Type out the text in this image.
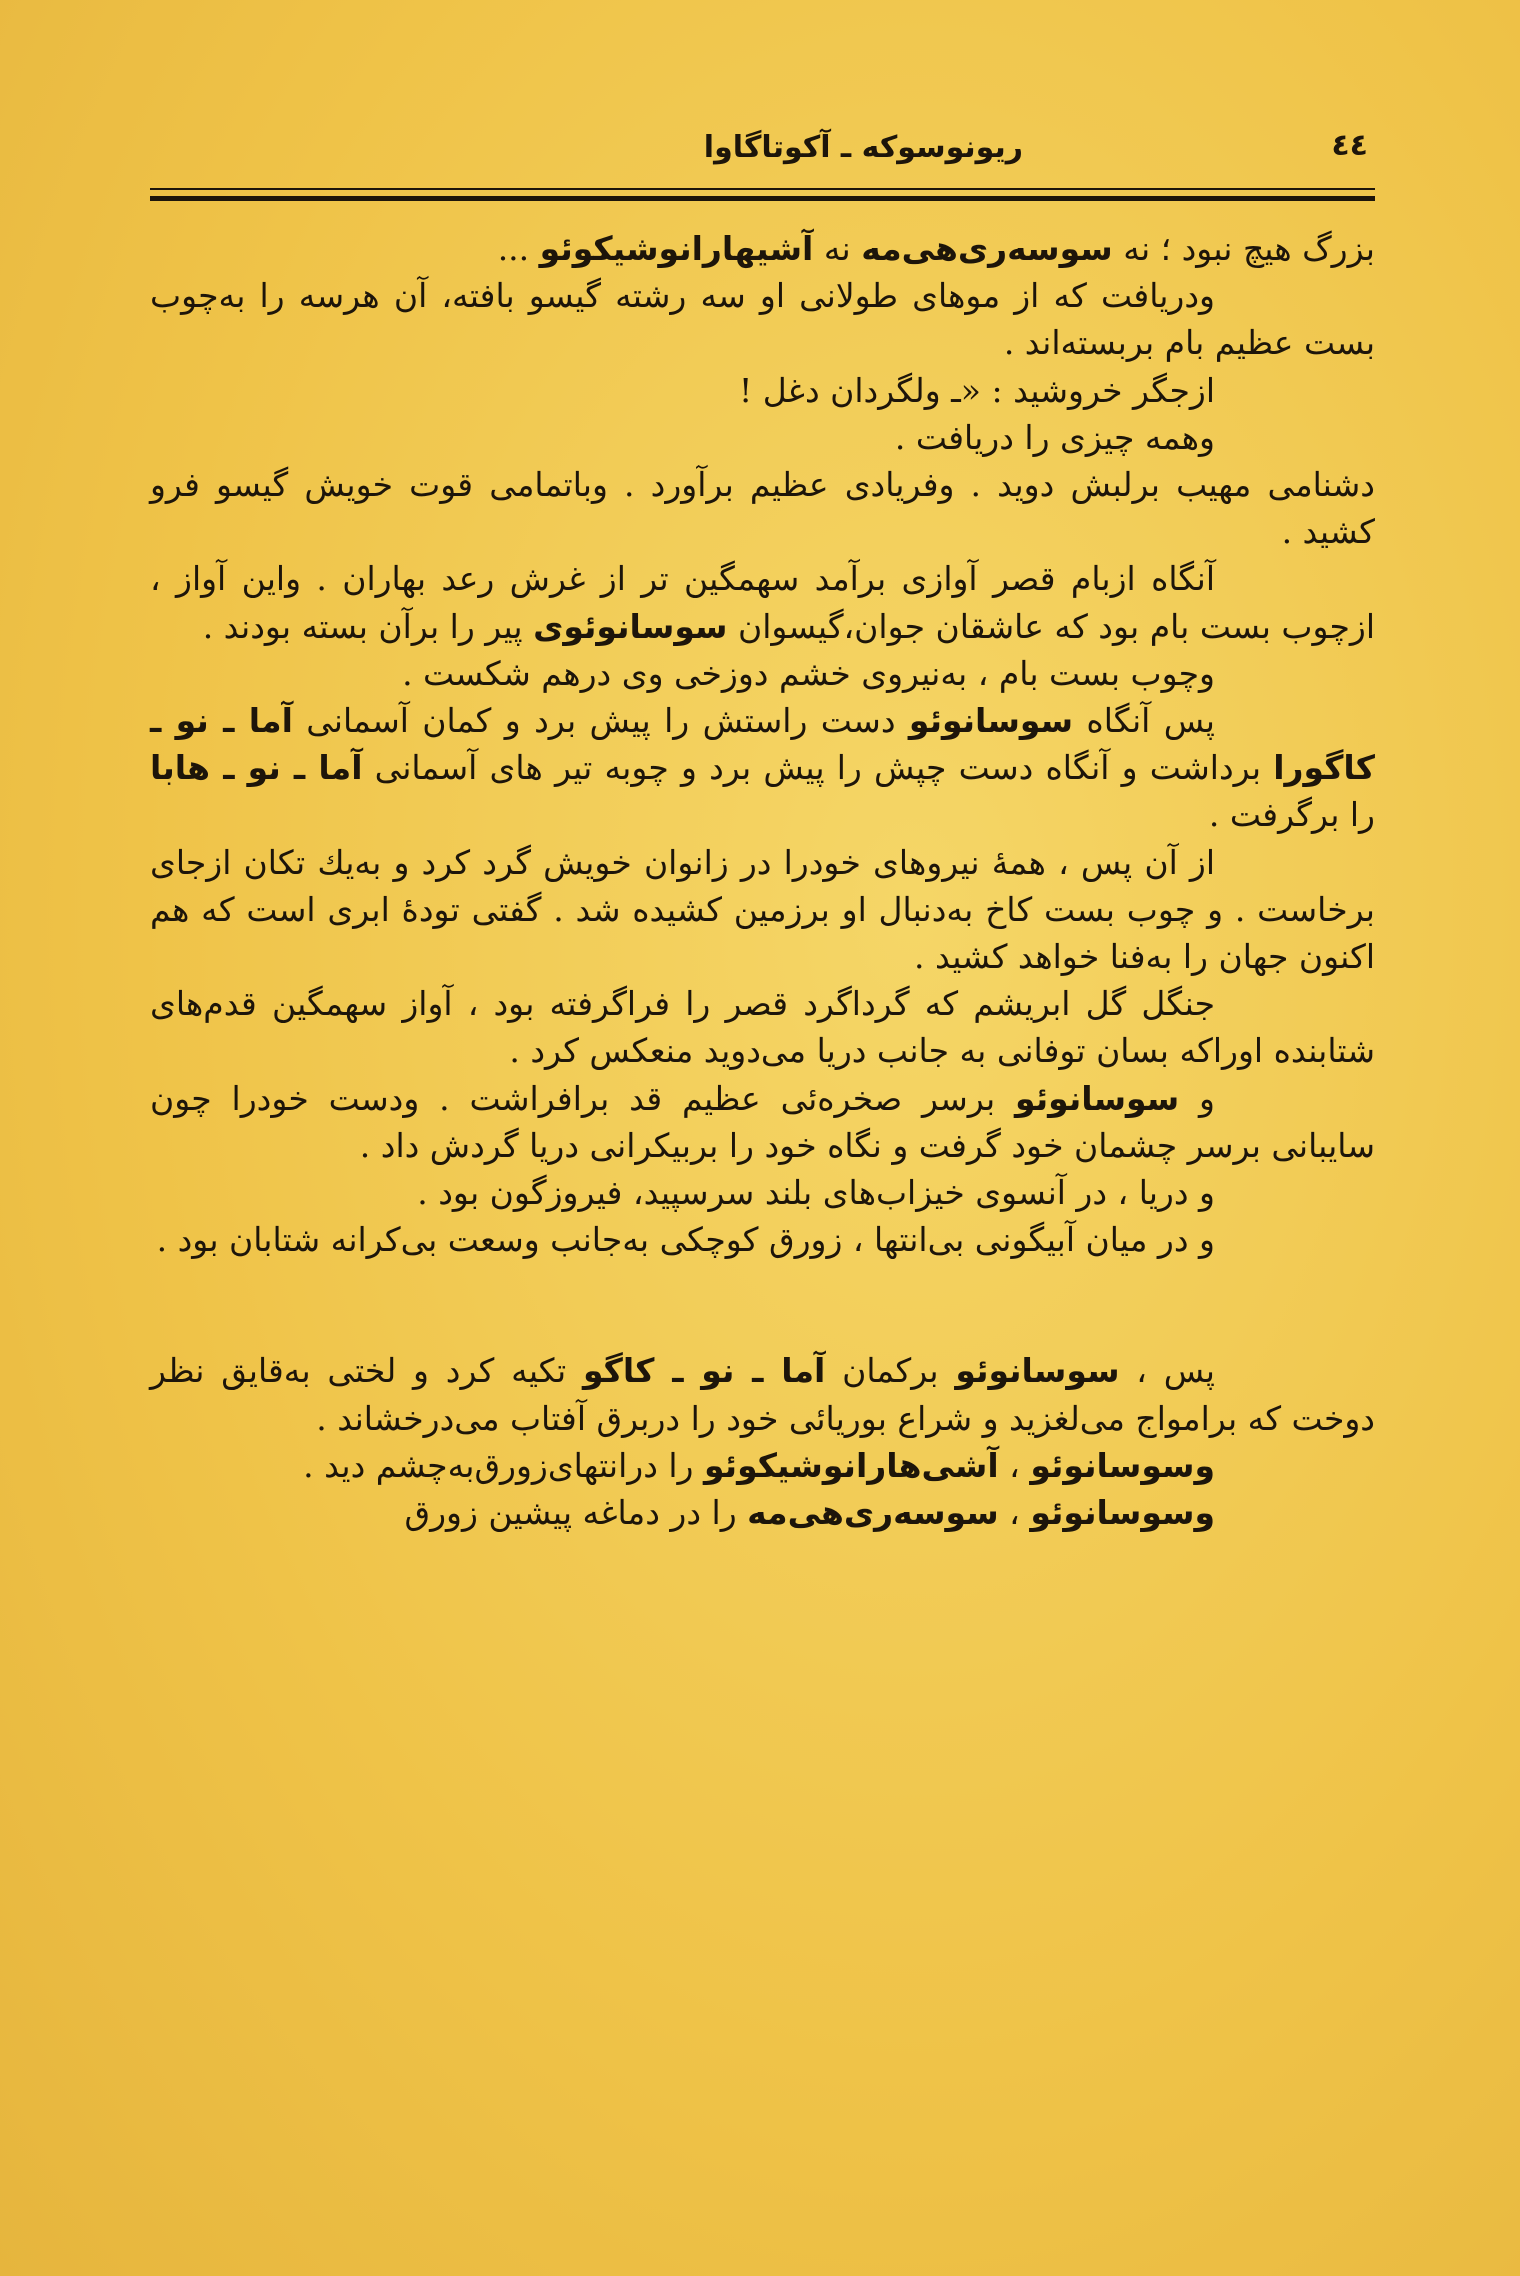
٤٤
ریونوسوکه ـ آکوتاگاوا

بزرگ هیچ نبود ؛ نه سوسه‌ری‌هی‌مه نه آشیهارانوشیکوئو ...

ودریافت که از موهای طولانی او سه رشته گیسو بافته، آن هرسه را به‌چوب بست عظیم بام بربسته‌اند .

ازجگر خروشید : «ـ ولگردان دغل !

وهمه چیزی را دریافت .

دشنامی مهیب برلبش دوید . وفریادی عظیم برآورد . وباتمامی قوت خویش گیسو فرو کشید .

آنگاه ازبام قصر آوازی برآمد سهمگین تر از غرش رعد بهاران . واین آواز ، ازچوب بست بام بود که عاشقان جوان،گیسوان سوسانوئوی پیر را برآن بسته بودند .

وچوب بست بام ، به‌نیروی خشم دوزخی وی درهم شکست .

پس آنگاه سوسانوئو دست راستش را پیش برد و کمان آسمانی آما ـ نو ـ کاگورا برداشت و آنگاه دست چپش را پیش برد و چوبه تیر های آسمانی آما ـ نو ـ هابا را برگرفت .

از آن پس ، همهٔ نیروهای خودرا در زانوان خویش گرد کرد و به‌یك تکان ازجای برخاست . و چوب بست کاخ به‌دنبال او برزمین کشیده شد . گفتی تودهٔ ابری است که هم اکنون جهان را به‌فنا خواهد کشید .

جنگل گل ابریشم که گرداگرد قصر را فراگرفته بود ، آواز سهمگین قدم‌های شتابنده اوراکه بسان توفانی به جانب دریا می‌دوید منعکس کرد .

و سوسانوئو برسر صخره‌ئی عظیم قد برافراشت . ودست خودرا چون سایبانی برسر چشمان خود گرفت و نگاه خود را بربیکرانی دریا گردش داد .

و دریا ، در آنسوی خیزاب‌های بلند سرسپید، فیروزگون بود .

و در میان آبیگونی بی‌انتها ، زورق کوچکی به‌جانب وسعت بی‌کرانه شتابان بود .

پس ، سوسانوئو برکمان آما ـ نو ـ کاگو تکیه کرد و لختی به‌قایق نظر دوخت که برامواج می‌لغزید و شراع بوریائی خود را دربرق آفتاب می‌درخشاند .

وسوسانوئو ، آشی‌هارانوشیکوئو را درانتهای‌زورق‌به‌چشم دید .

وسوسانوئو ، سوسه‌ری‌هی‌مه را در دماغه پیشین زورق
